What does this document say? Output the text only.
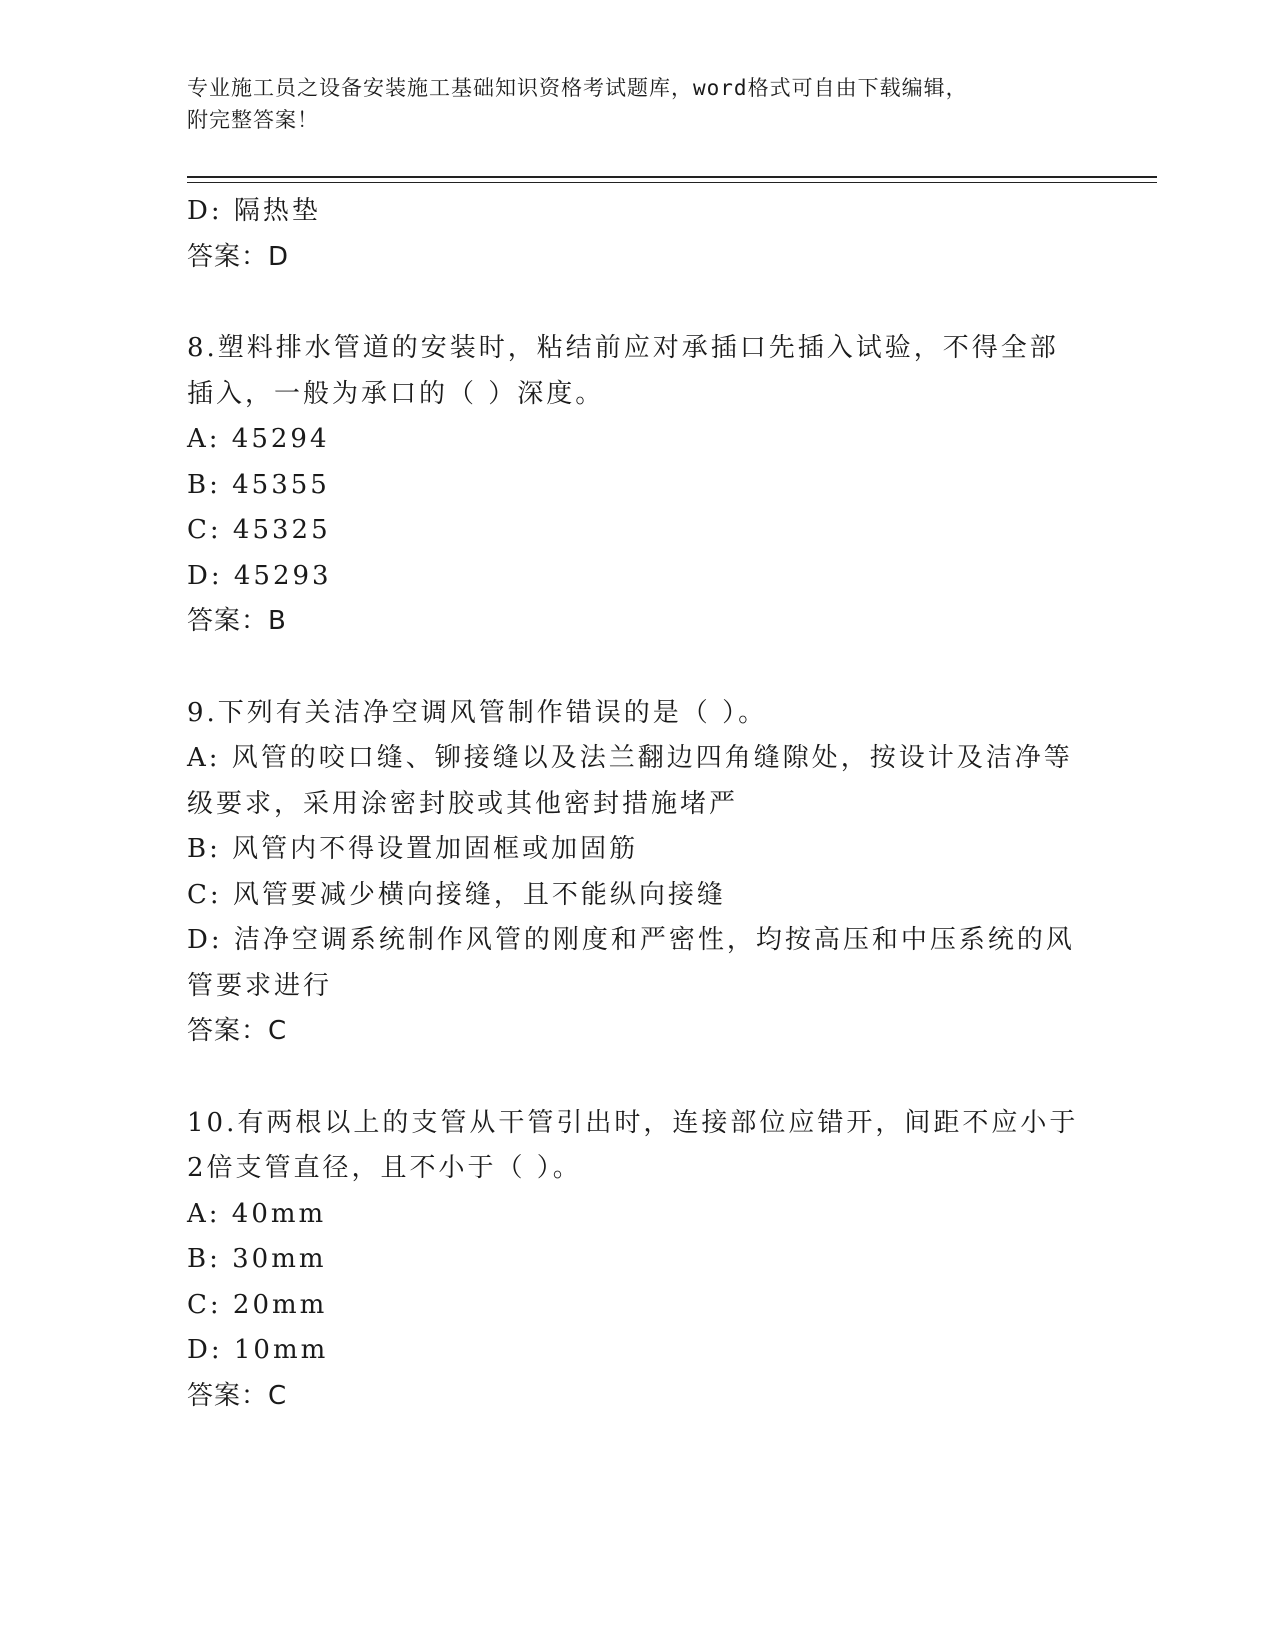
专业施工员之设备安装施工基础知识资格考试题库，word格式可自由下载编辑，
附完整答案！
D: 隔热垫
答案：D
8.塑料排水管道的安装时，粘结前应对承插口先插入试验，不得全部
插入，一般为承口的（ ）深度。
A: 45294
B: 45355
C: 45325
D: 45293
答案：B
9.下列有关洁净空调风管制作错误的是（ ）。
A: 风管的咬口缝、铆接缝以及法兰翻边四角缝隙处，按设计及洁净等
级要求，采用涂密封胶或其他密封措施堵严
B: 风管内不得设置加固框或加固筋
C: 风管要减少横向接缝，且不能纵向接缝
D: 洁净空调系统制作风管的刚度和严密性，均按高压和中压系统的风
管要求进行
答案：C
10.有两根以上的支管从干管引出时，连接部位应错开，间距不应小于
2倍支管直径，且不小于（ ）。
A: 40mm
B: 30mm
C: 20mm
D: 10mm
答案：C
